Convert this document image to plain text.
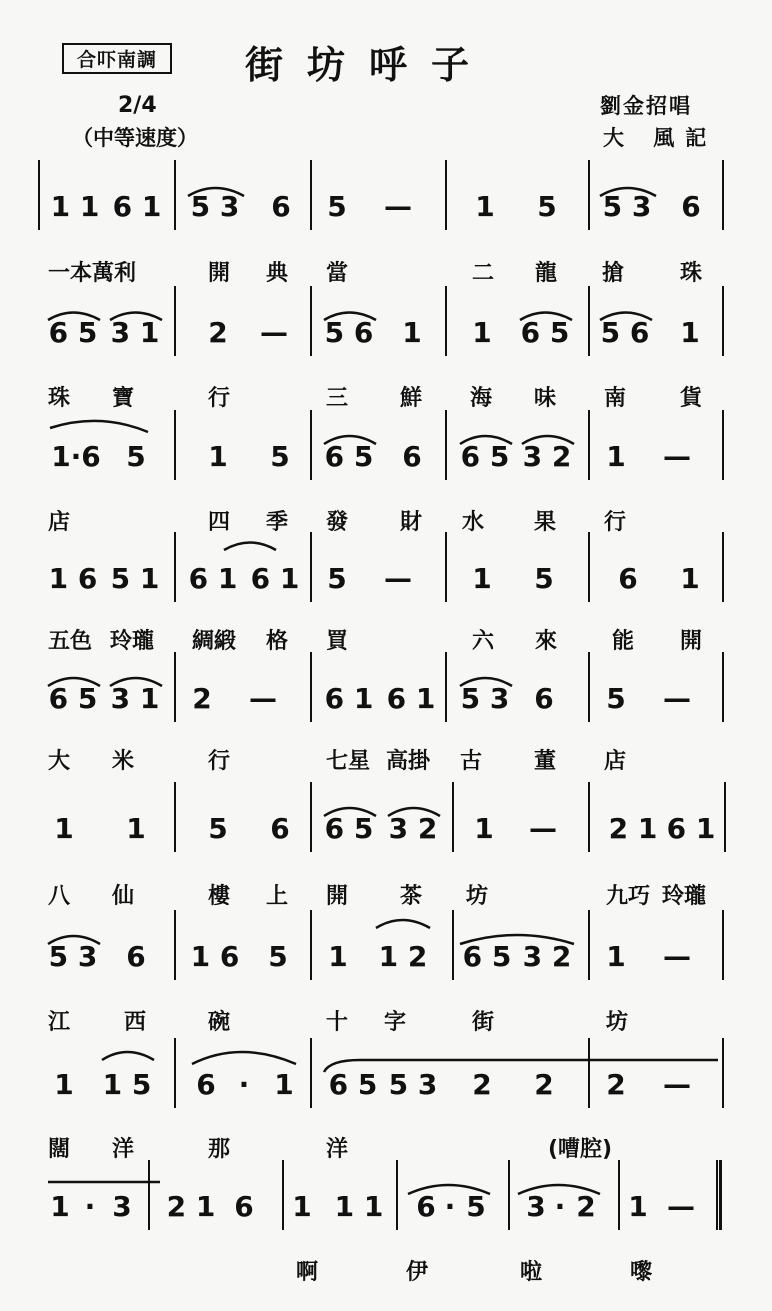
合吓南調 街坊呼子
2/4
（中等速度）
劉金招唱
大 風記
1 1 6 1 5 3 6 5	—	1 5 5 3 6
一本萬利	開 典 當	二 龍 搶	珠
6 5 3 1 2	—	5 6 1 1 6 5 5 6 1
珠 寶	行	三 鮮 海 味 南 貨
1·6 5 1 5 6 5 6 6 5 3 2 1	—
店	四 季 發 財 水 果 行
1 6 5 1 6 1 6 1 5	—	1 5 6 1
五色 玲瓏 綢緞 格 買	六 來 能 開
6 5 3 1 2	—	6 1 6 1 5 3 6 5	—
大 米	行	七星 高掛 古 董 店
1 1 5 6 6 5 3 2 1	—	2 1 6 1
八 仙	樓 上 開 茶 坊	九巧 玲瓏
5 3 6 1 6 5 1 1 2 6 5 3 2 1	—
江 西	碗	十 字	街	坊
1 1 5 6 · 1 6 5 5 3 2 2 2	—
闊 洋	那	洋	(嘈腔)
1 · 3 2 1 6 1 1 1 6 · 5 3 · 2 1 —
啊	伊	啦	嚟
